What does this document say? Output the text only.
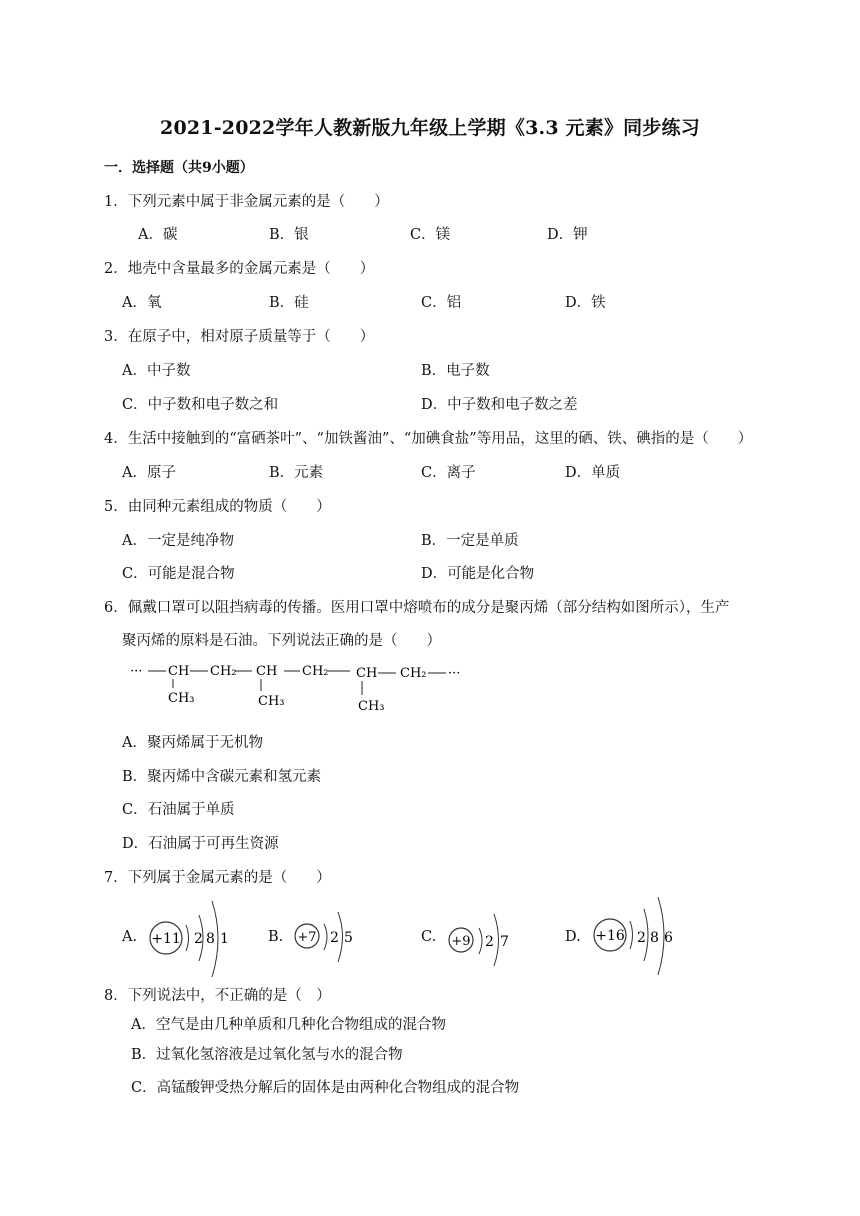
2021-2022学年人教新版九年级上学期《3.3 元素》同步练习
一．选择题（共9小题）
1．下列元素中属于非金属元素的是（　　）
A．碳	B．银	C．镁	D．钾
2．地壳中含量最多的金属元素是（　　）
A．氧	B．硅	C．铝	D．铁
3．在原子中，相对原子质量等于（　　）
A．中子数	B．电子数
C．中子数和电子数之和	D．中子数和电子数之差
4．生活中接触到的“富硒茶叶”、“加铁酱油”、“加碘食盐”等用品，这里的硒、铁、碘指的是（　　）
A．原子	B．元素	C．离子	D．单质
5．由同种元素组成的物质（　　）
A．一定是纯净物	B．一定是单质
C．可能是混合物	D．可能是化合物
6．佩戴口罩可以阻挡病毒的传播。医用口罩中熔喷布的成分是聚丙烯（部分结构如图所示），生产
聚丙烯的原料是石油。下列说法正确的是（　　）
··· CH CH₂ CH CH₂ CH CH₂ ···
CH₃	CH₃	CH₃
A．聚丙烯属于无机物
B．聚丙烯中含碳元素和氢元素
C．石油属于单质
D．石油属于可再生资源
7．下列属于金属元素的是（　　）
A. +11 2 8 1	B. +7 2 5	C. +9 2 7	D. +16 2 8 6
8．下列说法中，不正确的是（　）
A．空气是由几种单质和几种化合物组成的混合物
B．过氧化氢溶液是过氧化氢与水的混合物
C．高锰酸钾受热分解后的固体是由两种化合物组成的混合物
